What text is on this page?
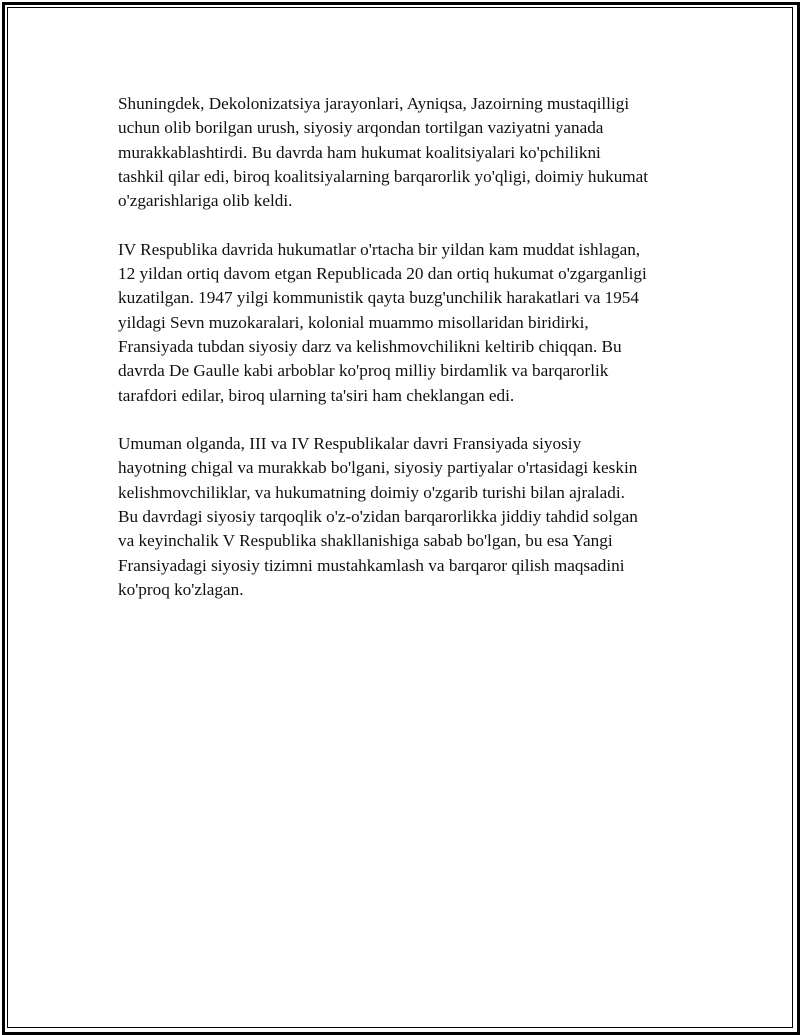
Shuningdek, Dekolonizatsiya jarayonlari, Ayniqsa, Jazoirning mustaqilligi
uchun olib borilgan urush, siyosiy arqondan tortilgan vaziyatni yanada
murakkablashtirdi. Bu davrda ham hukumat koalitsiyalari ko'pchilikni
tashkil qilar edi, biroq koalitsiyalarning barqarorlik yo'qligi, doimiy hukumat
o'zgarishlariga olib keldi.

IV Respublika davrida hukumatlar o'rtacha bir yildan kam muddat ishlagan,
12 yildan ortiq davom etgan Republicada 20 dan ortiq hukumat o'zgarganligi
kuzatilgan. 1947 yilgi kommunistik qayta buzg'unchilik harakatlari va 1954
yildagi Sevn muzokaralari, kolonial muammo misollaridan biridirki,
Fransiyada tubdan siyosiy darz va kelishmovchilikni keltirib chiqqan. Bu
davrda De Gaulle kabi arboblar ko'proq milliy birdamlik va barqarorlik
tarafdori edilar, biroq ularning ta'siri ham cheklangan edi.

Umuman olganda, III va IV Respublikalar davri Fransiyada siyosiy
hayotning chigal va murakkab bo'lgani, siyosiy partiyalar o'rtasidagi keskin
kelishmovchiliklar, va hukumatning doimiy o'zgarib turishi bilan ajraladi.
Bu davrdagi siyosiy tarqoqlik o'z-o'zidan barqarorlikka jiddiy tahdid solgan
va keyinchalik V Respublika shakllanishiga sabab bo'lgan, bu esa Yangi
Fransiyadagi siyosiy tizimni mustahkamlash va barqaror qilish maqsadini
ko'proq ko'zlagan.
